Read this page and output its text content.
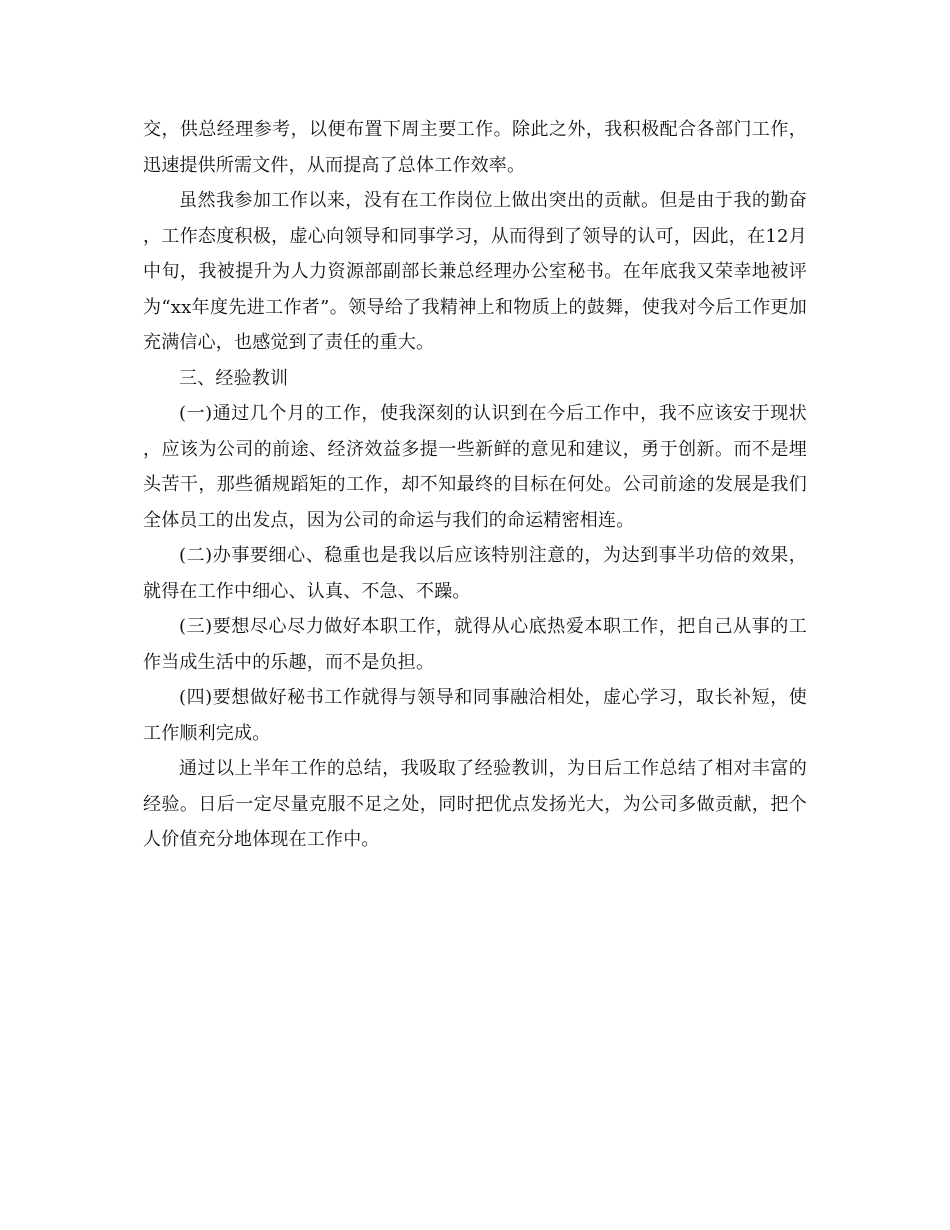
交，供总经理参考，以便布置下周主要工作。除此之外，我积极配合各部门工作，迅速提供所需文件，从而提高了总体工作效率。

虽然我参加工作以来，没有在工作岗位上做出突出的贡献。但是由于我的勤奋，工作态度积极，虚心向领导和同事学习，从而得到了领导的认可，因此，在12月中旬，我被提升为人力资源部副部长兼总经理办公室秘书。在年底我又荣幸地被评为“xx年度先进工作者”。领导给了我精神上和物质上的鼓舞，使我对今后工作更加充满信心，也感觉到了责任的重大。

三、经验教训

(一)通过几个月的工作，使我深刻的认识到在今后工作中，我不应该安于现状，应该为公司的前途、经济效益多提一些新鲜的意见和建议，勇于创新。而不是埋头苦干，那些循规蹈矩的工作，却不知最终的目标在何处。公司前途的发展是我们全体员工的出发点，因为公司的命运与我们的命运精密相连。

(二)办事要细心、稳重也是我以后应该特别注意的，为达到事半功倍的效果，就得在工作中细心、认真、不急、不躁。

(三)要想尽心尽力做好本职工作，就得从心底热爱本职工作，把自己从事的工作当成生活中的乐趣，而不是负担。

(四)要想做好秘书工作就得与领导和同事融洽相处，虚心学习，取长补短，使工作顺利完成。

通过以上半年工作的总结，我吸取了经验教训，为日后工作总结了相对丰富的经验。日后一定尽量克服不足之处，同时把优点发扬光大，为公司多做贡献，把个人价值充分地体现在工作中。
